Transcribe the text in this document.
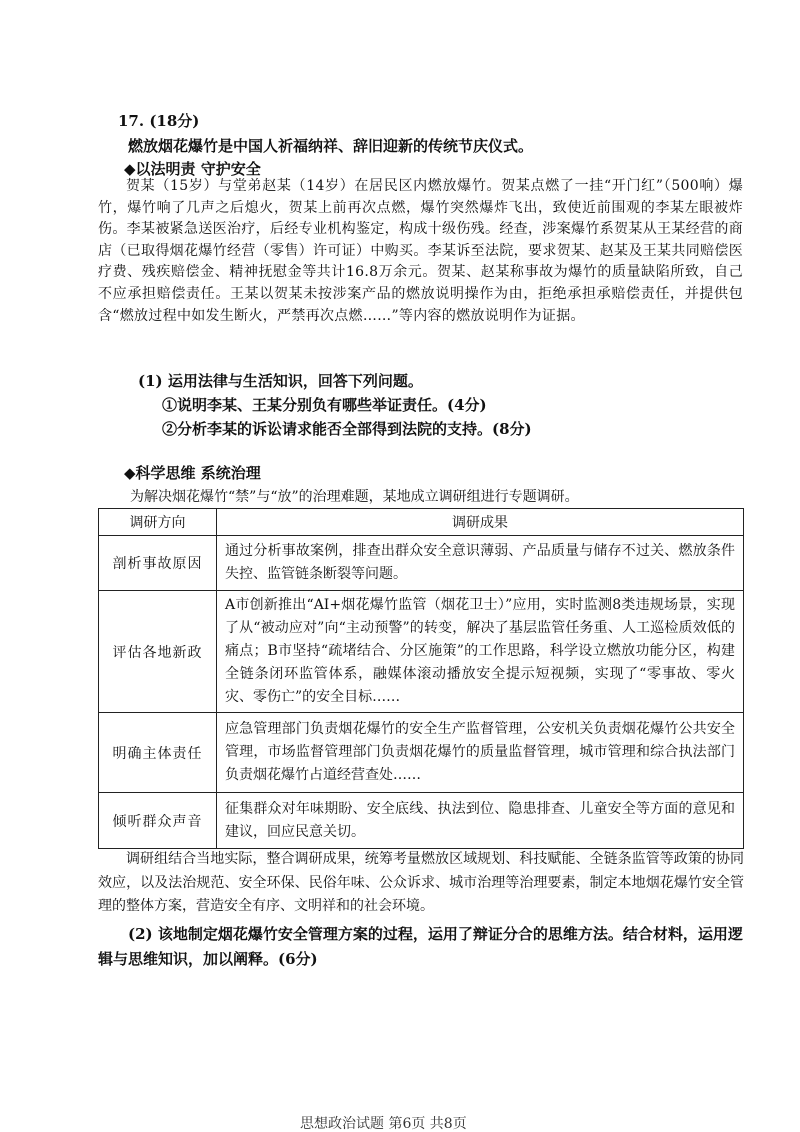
17. (18分)
燃放烟花爆竹是中国人祈福纳祥、辞旧迎新的传统节庆仪式。
◆以法明责 守护安全

贺某（15岁）与堂弟赵某（14岁）在居民区内燃放爆竹。贺某点燃了一挂“开门红”（500响）爆竹，爆竹响了几声之后熄火，贺某上前再次点燃，爆竹突然爆炸飞出，致使近前围观的李某左眼被炸伤。李某被紧急送医治疗，后经专业机构鉴定，构成十级伤残。经查，涉案爆竹系贺某从王某经营的商店（已取得烟花爆竹经营（零售）许可证）中购买。李某诉至法院，要求贺某、赵某及王某共同赔偿医疗费、残疾赔偿金、精神抚慰金等共计16.8万余元。贺某、赵某称事故为爆竹的质量缺陷所致，自己不应承担赔偿责任。王某以贺某未按涉案产品的燃放说明操作为由，拒绝承担承赔偿责任，并提供包含“燃放过程中如发生断火，严禁再次点燃……”等内容的燃放说明作为证据。

(1) 运用法律与生活知识，回答下列问题。
①说明李某、王某分别负有哪些举证责任。(4分)
②分析李某的诉讼请求能否全部得到法院的支持。(8分)
◆科学思维 系统治理
为解决烟花爆竹“禁”与“放”的治理难题，某地成立调研组进行专题调研。
调研方向	调研成果
剖析事故原因	通过分析事故案例，排查出群众安全意识薄弱、产品质量与储存不过关、燃放条件失控、监管链条断裂等问题。
评估各地新政	A市创新推出“AI+烟花爆竹监管（烟花卫士）”应用，实时监测8类违规场景，实现了从“被动应对”向“主动预警”的转变，解决了基层监管任务重、人工巡检质效低的痛点；B市坚持“疏堵结合、分区施策”的工作思路，科学设立燃放功能分区，构建全链条闭环监管体系，融媒体滚动播放安全提示短视频，实现了“零事故、零火灾、零伤亡”的安全目标……
明确主体责任	应急管理部门负责烟花爆竹的安全生产监督管理，公安机关负责烟花爆竹公共安全管理，市场监督管理部门负责烟花爆竹的质量监督管理，城市管理和综合执法部门负责烟花爆竹占道经营查处……
倾听群众声音	征集群众对年味期盼、安全底线、执法到位、隐患排查、儿童安全等方面的意见和建议，回应民意关切。

调研组结合当地实际，整合调研成果，统筹考量燃放区域规划、科技赋能、全链条监管等政策的协同效应，以及法治规范、安全环保、民俗年味、公众诉求、城市治理等治理要素，制定本地烟花爆竹安全管理的整体方案，营造安全有序、文明祥和的社会环境。

(2) 该地制定烟花爆竹安全管理方案的过程，运用了辩证分合的思维方法。结合材料，运用逻辑与思维知识，加以阐释。(6分)

思想政治试题 第6页 共8页
